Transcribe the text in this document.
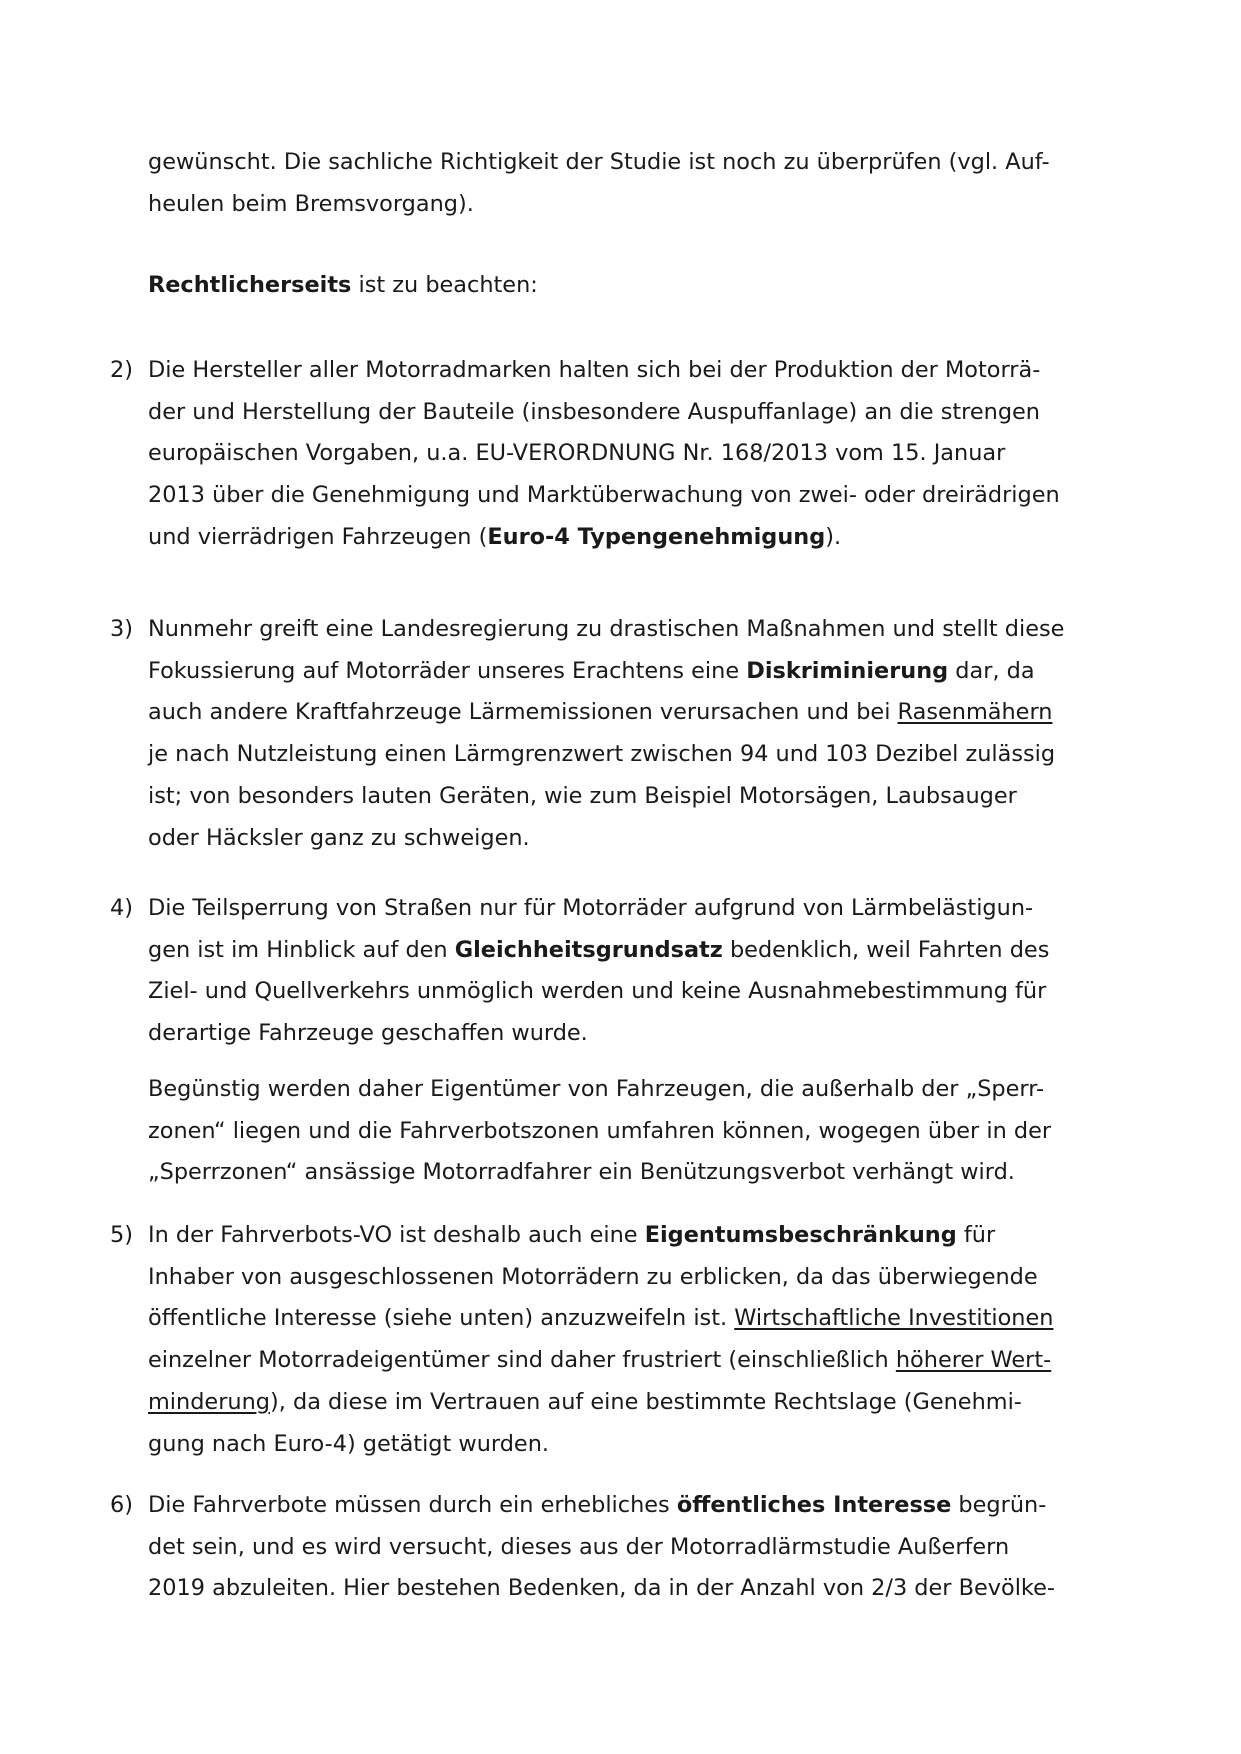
gewünscht. Die sachliche Richtigkeit der Studie ist noch zu überprüfen (vgl. Auf-
heulen beim Bremsvorgang).

Rechtlicherseits ist zu beachten:

2) Die Hersteller aller Motorradmarken halten sich bei der Produktion der Motorrä-
der und Herstellung der Bauteile (insbesondere Auspuffanlage) an die strengen
europäischen Vorgaben, u.a. EU-VERORDNUNG Nr. 168/2013 vom 15. Januar
2013 über die Genehmigung und Marktüberwachung von zwei- oder dreirädrigen
und vierrädrigen Fahrzeugen (Euro-4 Typengenehmigung).
3) Nunmehr greift eine Landesregierung zu drastischen Maßnahmen und stellt diese
Fokussierung auf Motorräder unseres Erachtens eine Diskriminierung dar, da
auch andere Kraftfahrzeuge Lärmemissionen verursachen und bei Rasenmähern
je nach Nutzleistung einen Lärmgrenzwert zwischen 94 und 103 Dezibel zulässig
ist; von besonders lauten Geräten, wie zum Beispiel Motorsägen, Laubsauger
oder Häcksler ganz zu schweigen.
4) Die Teilsperrung von Straßen nur für Motorräder aufgrund von Lärmbelästigun-
gen ist im Hinblick auf den Gleichheitsgrundsatz bedenklich, weil Fahrten des
Ziel- und Quellverkehrs unmöglich werden und keine Ausnahmebestimmung für
derartige Fahrzeuge geschaffen wurde.

Begünstig werden daher Eigentümer von Fahrzeugen, die außerhalb der „Sperr-
zonen“ liegen und die Fahrverbotszonen umfahren können, wogegen über in der
„Sperrzonen“ ansässige Motorradfahrer ein Benützungsverbot verhängt wird.

5) In der Fahrverbots-VO ist deshalb auch eine Eigentumsbeschränkung für
Inhaber von ausgeschlossenen Motorrädern zu erblicken, da das überwiegende
öffentliche Interesse (siehe unten) anzuzweifeln ist. Wirtschaftliche Investitionen
einzelner Motorradeigentümer sind daher frustriert (einschließlich höherer Wert-
minderung), da diese im Vertrauen auf eine bestimmte Rechtslage (Genehmi-
gung nach Euro-4) getätigt wurden.
6) Die Fahrverbote müssen durch ein erhebliches öffentliches Interesse begrün-
det sein, und es wird versucht, dieses aus der Motorradlärmstudie Außerfern
2019 abzuleiten. Hier bestehen Bedenken, da in der Anzahl von 2/3 der Bevölke-
